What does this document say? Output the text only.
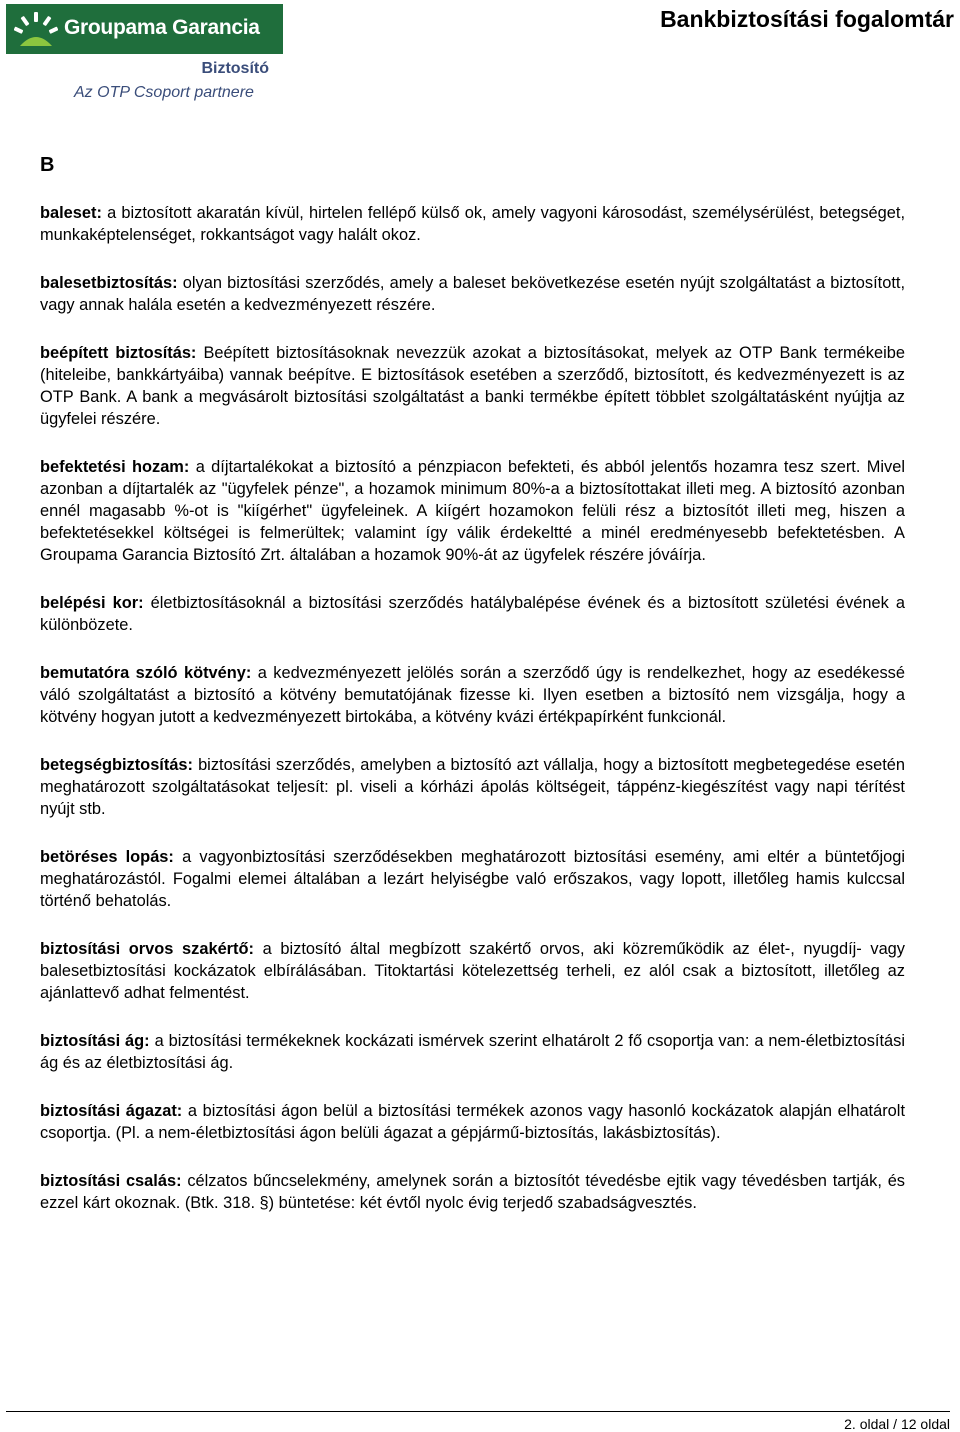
Groupama Garancia
Biztosító
Az OTP Csoport partnere
Bankbiztosítási fogalomtár
B

baleset: a biztosított akaratán kívül, hirtelen fellépő külső ok, amely vagyoni károsodást, személysérülést, betegséget, munkaképtelenséget, rokkantságot vagy halált okoz.

balesetbiztosítás: olyan biztosítási szerződés, amely a baleset bekövetkezése esetén nyújt szolgáltatást a biztosított, vagy annak halála esetén a kedvezményezett részére.

beépített biztosítás: Beépített biztosításoknak nevezzük azokat a biztosításokat, melyek az OTP Bank termékeibe (hiteleibe, bankkártyáiba) vannak beépítve. E biztosítások esetében a szerződő, biztosított, és kedvezményezett is az OTP Bank. A bank a megvásárolt biztosítási szolgáltatást a banki termékbe épített többlet szolgáltatásként nyújtja az ügyfelei részére.

befektetési hozam: a díjtartalékokat a biztosító a pénzpiacon befekteti, és abból jelentős hozamra tesz szert. Mivel azonban a díjtartalék az "ügyfelek pénze", a hozamok minimum 80%-a a biztosítottakat illeti meg. A biztosító azonban ennél magasabb %-ot is "kiígérhet" ügyfeleinek. A kiígért hozamokon felüli rész a biztosítót illeti meg, hiszen a befektetésekkel költségei is felmerültek; valamint így válik érdekeltté a minél eredményesebb befektetésben. A Groupama Garancia Biztosító Zrt. általában a hozamok 90%-át az ügyfelek részére jóváírja.

belépési kor: életbiztosításoknál a biztosítási szerződés hatálybalépése évének és a biztosított születési évének a különbözete.

bemutatóra szóló kötvény: a kedvezményezett jelölés során a szerződő úgy is rendelkezhet, hogy az esedékessé váló szolgáltatást a biztosító a kötvény bemutatójának fizesse ki. Ilyen esetben a biztosító nem vizsgálja, hogy a kötvény hogyan jutott a kedvezményezett birtokába, a kötvény kvázi értékpapírként funkcionál.

betegségbiztosítás: biztosítási szerződés, amelyben a biztosító azt vállalja, hogy a biztosított megbetegedése esetén meghatározott szolgáltatásokat teljesít: pl. viseli a kórházi ápolás költségeit, táppénz-kiegészítést vagy napi térítést nyújt stb.

betöréses lopás: a vagyonbiztosítási szerződésekben meghatározott biztosítási esemény, ami eltér a büntetőjogi meghatározástól. Fogalmi elemei általában a lezárt helyiségbe való erőszakos, vagy lopott, illetőleg hamis kulccsal történő behatolás.

biztosítási orvos szakértő: a biztosító által megbízott szakértő orvos, aki közreműködik az élet-, nyugdíj- vagy balesetbiztosítási kockázatok elbírálásában. Titoktartási kötelezettség terheli, ez alól csak a biztosított, illetőleg az ajánlattevő adhat felmentést.

biztosítási ág: a biztosítási termékeknek kockázati ismérvek szerint elhatárolt 2 fő csoportja van: a nem-életbiztosítási ág és az életbiztosítási ág.

biztosítási ágazat: a biztosítási ágon belül a biztosítási termékek azonos vagy hasonló kockázatok alapján elhatárolt csoportja. (Pl. a nem-életbiztosítási ágon belüli ágazat a gépjármű-biztosítás, lakásbiztosítás).

biztosítási csalás: célzatos bűncselekmény, amelynek során a biztosítót tévedésbe ejtik vagy tévedésben tartják, és ezzel kárt okoznak. (Btk. 318. §) büntetése: két évtől nyolc évig terjedő szabadságvesztés.

2. oldal / 12 oldal
